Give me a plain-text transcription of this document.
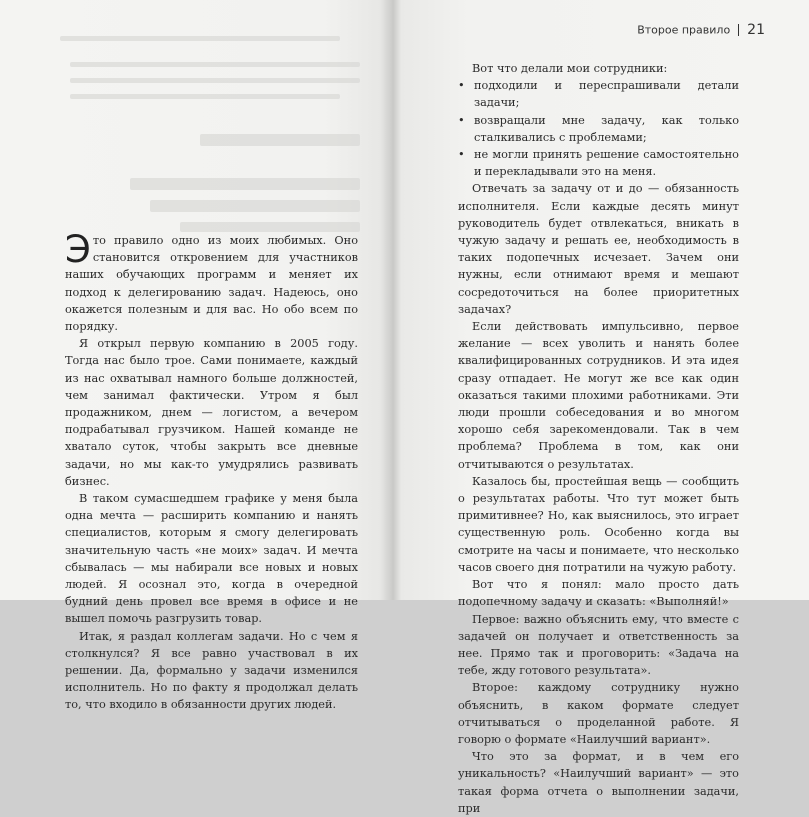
Это правило одно из моих любимых. Оно становится откровением для участников наших обучающих программ и меняет их подход к делегированию задач. Надеюсь, оно окажется полезным и для вас. Но обо всем по порядку.

Я открыл первую компанию в 2005 году. Тогда нас было трое. Сами понимаете, каждый из нас охватывал намного больше должностей, чем занимал фактически. Утром я был продажником, днем — логистом, а вечером подрабатывал грузчиком. Нашей команде не хватало суток, чтобы закрыть все дневные задачи, но мы как-то умудрялись развивать бизнес.

В таком сумасшедшем графике у меня была одна мечта — расширить компанию и нанять специалистов, которым я смогу делегировать значительную часть «не моих» задач. И мечта сбывалась — мы набирали все новых и новых людей. Я осознал это, когда в очередной будний день провел все время в офисе и не вышел помочь разгрузить товар.

Итак, я раздал коллегам задачи. Но с чем я столкнулся? Я все равно участвовал в их решении. Да, формально у задачи изменился исполнитель. Но по факту я продолжал делать то, что входило в обязанности других людей.

Второе правило 21

Вот что делали мои сотрудники:

• подходили и переспрашивали детали задачи;
• возвращали мне задачу, как только сталкивались с проблемами;
• не могли принять решение самостоятельно и перекладывали это на меня.

Отвечать за задачу от и до — обязанность исполнителя. Если каждые десять минут руководитель будет отвлекаться, вникать в чужую задачу и решать ее, необходимость в таких подопечных исчезает. Зачем они нужны, если отнимают время и мешают сосредоточиться на более приоритетных задачах?

Если действовать импульсивно, первое желание — всех уволить и нанять более квалифицированных сотрудников. И эта идея сразу отпадает. Не могут же все как один оказаться такими плохими работниками. Эти люди прошли собеседования и во многом хорошо себя зарекомендовали. Так в чем проблема? Проблема в том, как они отчитываются о результатах.

Казалось бы, простейшая вещь — сообщить о результатах работы. Что тут может быть примитивнее? Но, как выяснилось, это играет существенную роль. Особенно когда вы смотрите на часы и понимаете, что несколько часов своего дня потратили на чужую работу.

Вот что я понял: мало просто дать подопечному задачу и сказать: «Выполняй!»

Первое: важно объяснить ему, что вместе с задачей он получает и ответственность за нее. Прямо так и проговорить: «Задача на тебе, жду готового результата».

Второе: каждому сотруднику нужно объяснить, в каком формате следует отчитываться о проделанной работе. Я говорю о формате «Наилучший вариант».

Что это за формат, и в чем его уникальность? «Наилучший вариант» — это такая форма отчета о выполнении задачи, при
